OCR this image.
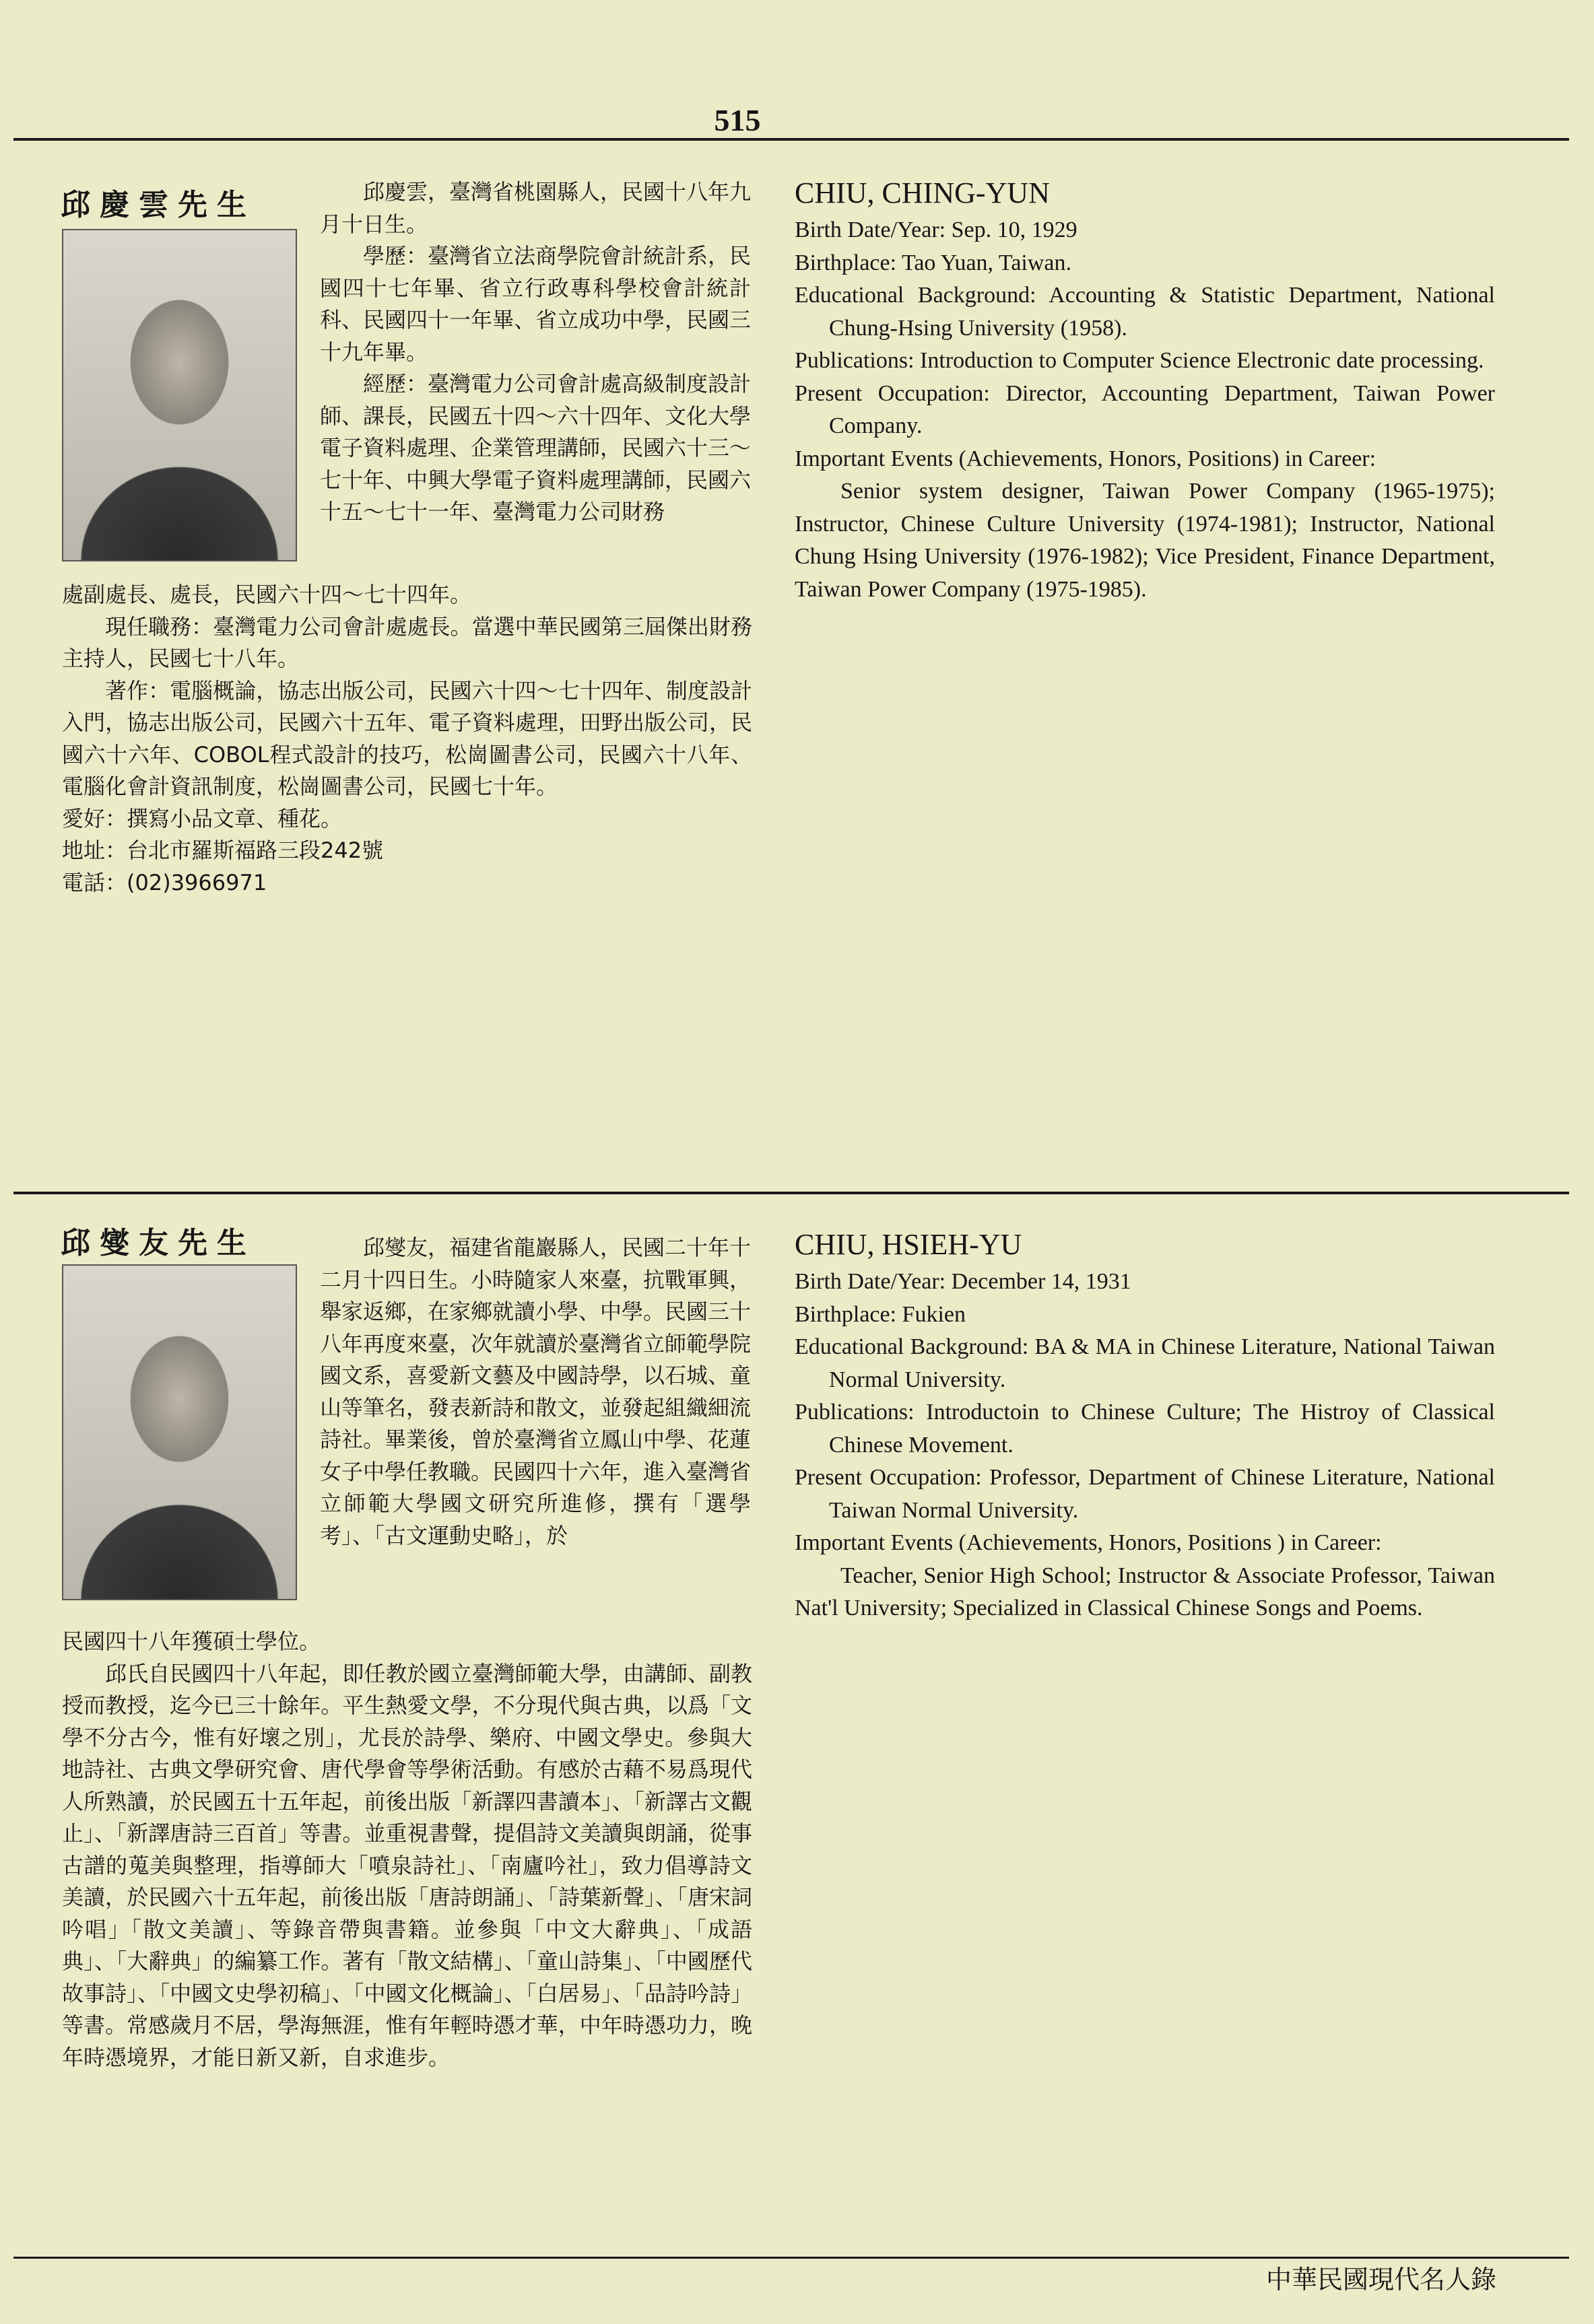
515
邱慶雲先生	邱慶雲，臺灣省桃園縣人，民國十八年九月十日生。

學歷：臺灣省立法商學院會計統計系，民國四十七年畢、省立行政專科學校會計統計科、民國四十一年畢、省立成功中學，民國三十九年畢。

經歷：臺灣電力公司會計處高級制度設計師、課長，民國五十四～六十四年、文化大學電子資料處理、企業管理講師，民國六十三～七十年、中興大學電子資料處理講師，民國六十五～七十一年、臺灣電力公司財務

處副處長、處長，民國六十四～七十四年。

現任職務：臺灣電力公司會計處處長。當選中華民國第三屆傑出財務主持人，民國七十八年。

著作：電腦概論，協志出版公司，民國六十四～七十四年、制度設計入門，協志出版公司，民國六十五年、電子資料處理，田野出版公司，民國六十六年、COBOL程式設計的技巧，松崗圖書公司，民國六十八年、電腦化會計資訊制度，松崗圖書公司，民國七十年。

愛好：撰寫小品文章、種花。

地址：台北市羅斯福路三段242號

電話：(02)3966971

CHIU, CHING-YUN

Birth Date/Year: Sep. 10, 1929

Birthplace: Tao Yuan, Taiwan.

Educational Background: Accounting & Statistic Department, National Chung-Hsing University (1958).

Publications: Introduction to Computer Science Electronic date processing.

Present Occupation: Director, Accounting Department, Taiwan Power Company.

Important Events (Achievements, Honors, Positions) in Career:

Senior system designer, Taiwan Power Company (1965-1975); Instructor, Chinese Culture University (1974-1981); Instructor, National Chung Hsing University (1976-1982); Vice President, Finance Department, Taiwan Power Company (1975-1985).

邱燮友先生	邱燮友，福建省龍巖縣人，民國二十年十二月十四日生。小時隨家人來臺，抗戰軍興，舉家返鄉，在家鄉就讀小學、中學。民國三十八年再度來臺，次年就讀於臺灣省立師範學院國文系，喜愛新文藝及中國詩學，以石城、童山等筆名，發表新詩和散文，並發起組織細流詩社。畢業後，曾於臺灣省立鳳山中學、花蓮女子中學任教職。民國四十六年，進入臺灣省立師範大學國文研究所進修，撰有「選學考」、「古文運動史略」，於

民國四十八年獲碩士學位。

邱氏自民國四十八年起，即任教於國立臺灣師範大學，由講師、副教授而教授，迄今已三十餘年。平生熱愛文學，不分現代與古典，以爲「文學不分古今，惟有好壞之別」，尤長於詩學、樂府、中國文學史。參與大地詩社、古典文學研究會、唐代學會等學術活動。有感於古藉不易爲現代人所熟讀，於民國五十五年起，前後出版「新譯四書讀本」、「新譯古文觀止」、「新譯唐詩三百首」等書。並重視書聲，提倡詩文美讀與朗誦，從事古譜的蒐美與整理，指導師大「噴泉詩社」、「南廬吟社」，致力倡導詩文美讀，於民國六十五年起，前後出版「唐詩朗誦」、「詩葉新聲」、「唐宋詞吟唱」「散文美讀」、等錄音帶與書籍。並參與「中文大辭典」、「成語典」、「大辭典」的編纂工作。著有「散文結構」、「童山詩集」、「中國歷代故事詩」、「中國文史學初稿」、「中國文化概論」、「白居易」、「品詩吟詩」等書。常感歲月不居，學海無涯，惟有年輕時憑才華，中年時憑功力，晚年時憑境界，才能日新又新，自求進步。

CHIU, HSIEH-YU

Birth Date/Year: December 14, 1931

Birthplace: Fukien

Educational Background: BA & MA in Chinese Literature, National Taiwan Normal University.

Publications: Introductoin to Chinese Culture; The Histroy of Classical Chinese Movement.

Present Occupation: Professor, Department of Chinese Literature, National Taiwan Normal University.

Important Events (Achievements, Honors, Positions ) in Career:

Teacher, Senior High School; Instructor & Associate Professor, Taiwan Nat'l University; Specialized in Classical Chinese Songs and Poems.

中華民國現代名人錄
